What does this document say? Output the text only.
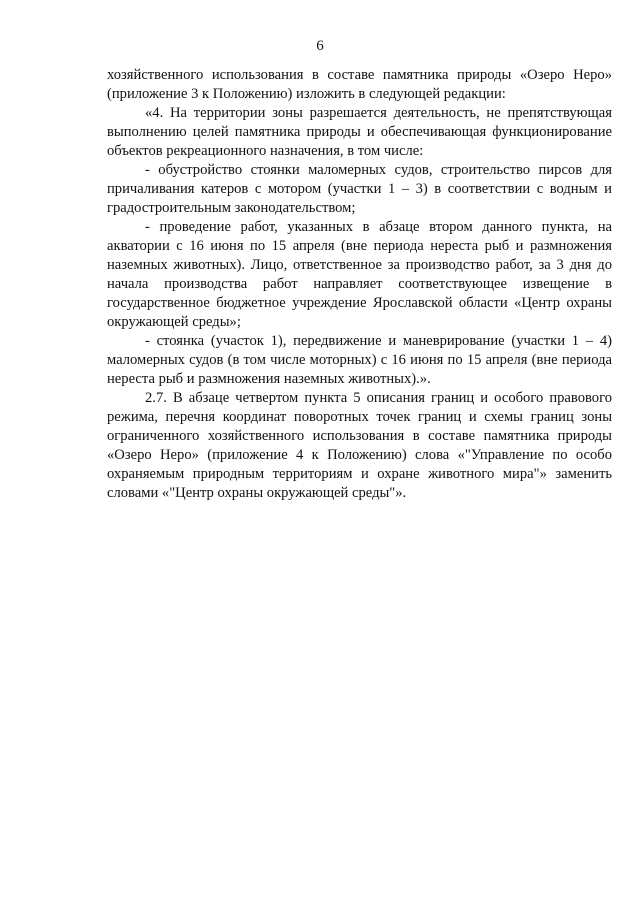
6

хозяйственного использования в составе памятника природы «Озеро Неро» (приложение 3 к Положению) изложить в следующей редакции:

«4. На территории зоны разрешается деятельность, не препятствующая выполнению целей памятника природы и обеспечивающая функционирование объектов рекреационного назначения, в том числе:

- обустройство стоянки маломерных судов, строительство пирсов для причаливания катеров с мотором (участки 1 – 3) в соответствии с водным и градостроительным законодательством;

- проведение работ, указанных в абзаце втором данного пункта, на акватории с 16 июня по 15 апреля (вне периода нереста рыб и размножения наземных животных). Лицо, ответственное за производство работ, за 3 дня до начала производства работ направляет соответствующее извещение в государственное бюджетное учреждение Ярославской области «Центр охраны окружающей среды»;

- стоянка (участок 1), передвижение и маневрирование (участки 1 – 4) маломерных судов (в том числе моторных) с 16 июня по 15 апреля (вне периода нереста рыб и размножения наземных животных).».

2.7. В абзаце четвертом пункта 5 описания границ и особого правового режима, перечня координат поворотных точек границ и схемы границ зоны ограниченного хозяйственного использования в составе памятника природы «Озеро Неро» (приложение 4 к Положению) слова «"Управление по особо охраняемым природным территориям и охране животного мира"» заменить словами «"Центр охраны окружающей среды"».
